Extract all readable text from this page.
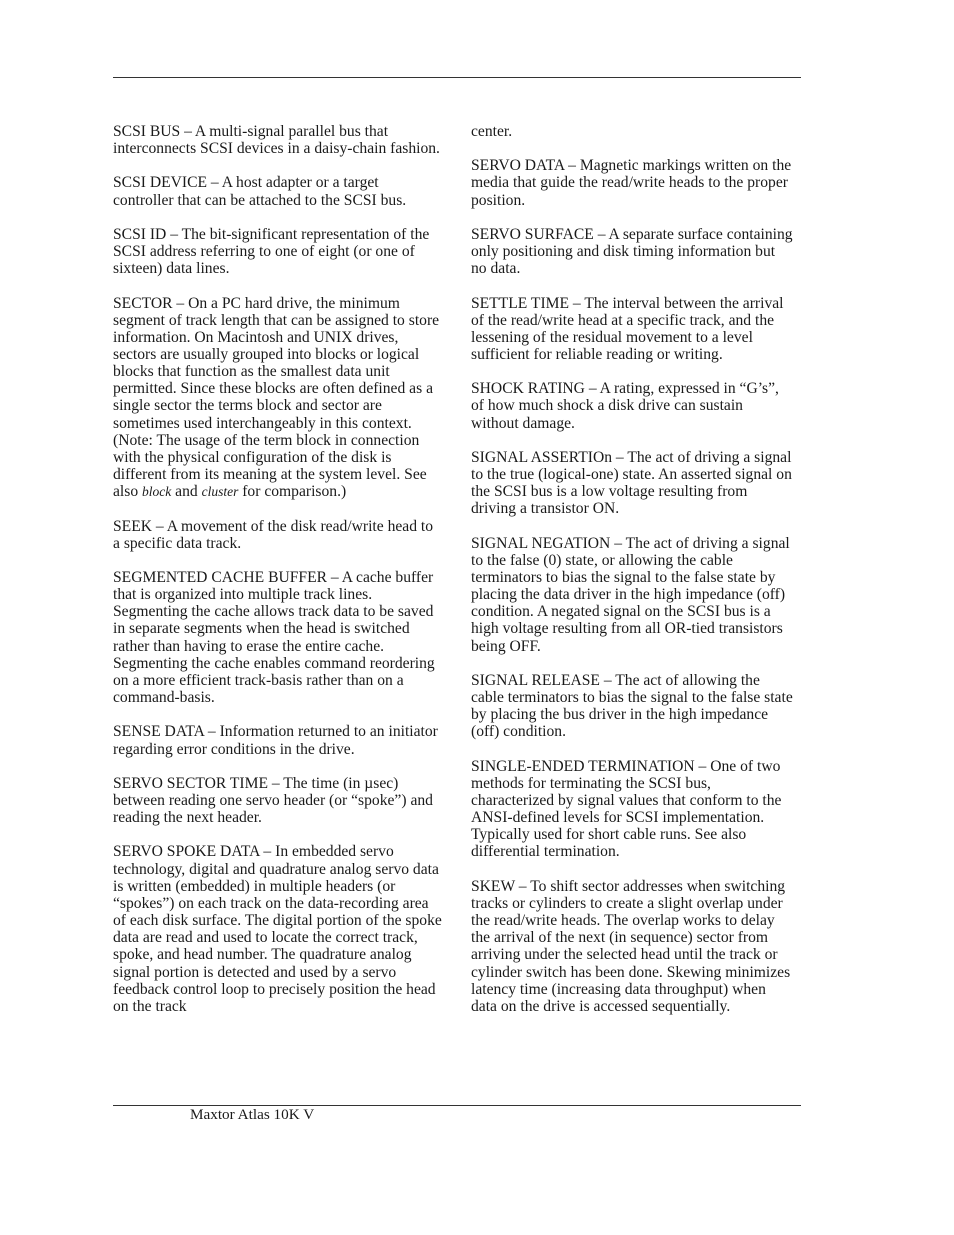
SCSI BUS – A multi-signal parallel bus that interconnects SCSI devices in a daisy-chain fashion.

SCSI DEVICE – A host adapter or a target controller that can be attached to the SCSI bus.

SCSI ID – The bit-significant representation of the SCSI address referring to one of eight (or one of sixteen) data lines.

SECTOR – On a PC hard drive, the minimum segment of track length that can be assigned to store information. On Macintosh and UNIX drives, sectors are usually grouped into blocks or logical blocks that function as the smallest data unit permitted. Since these blocks are often defined as a single sector the terms block and sector are sometimes used interchangeably in this context. (Note: The usage of the term block in connection with the physical configuration of the disk is different from its meaning at the system level. See also block and cluster for comparison.)

SEEK – A movement of the disk read/write head to a specific data track.

SEGMENTED CACHE BUFFER – A cache buffer that is organized into multiple track lines. Segmenting the cache allows track data to be saved in separate segments when the head is switched rather than having to erase the entire cache. Segmenting the cache enables command reordering on a more efficient track-basis rather than on a command-basis.

SENSE DATA – Information returned to an initiator regarding error conditions in the drive.

SERVO SECTOR TIME – The time (in µsec) between reading one servo header (or “spoke”) and reading the next header.

SERVO SPOKE DATA – In embedded servo technology, digital and quadrature analog servo data is written (embedded) in multiple headers (or “spokes”) on each track on the data-recording area of each disk surface. The digital portion of the spoke data are read and used to locate the correct track, spoke, and head number. The quadrature analog signal portion is detected and used by a servo feedback control loop to precisely position the head on the track

center.

SERVO DATA – Magnetic markings written on the media that guide the read/write heads to the proper position.

SERVO SURFACE – A separate surface containing only positioning and disk timing information but no data.

SETTLE TIME – The interval between the arrival of the read/write head at a specific track, and the lessening of the residual movement to a level sufficient for reliable reading or writing.

SHOCK RATING – A rating, expressed in “G’s”, of how much shock a disk drive can sustain without damage.

SIGNAL ASSERTIOn – The act of driving a signal to the true (logical-one) state. An asserted signal on the SCSI bus is a low voltage resulting from driving a transistor ON.

SIGNAL NEGATION – The act of driving a signal to the false (0) state, or allowing the cable terminators to bias the signal to the false state by placing the data driver in the high impedance (off) condition. A negated signal on the SCSI bus is a high voltage resulting from all OR-tied transistors being OFF.

SIGNAL RELEASE – The act of allowing the cable terminators to bias the signal to the false state by placing the bus driver in the high impedance (off) condition.

SINGLE-ENDED TERMINATION – One of two methods for terminating the SCSI bus, characterized by signal values that conform to the ANSI-defined levels for SCSI implementation. Typically used for short cable runs. See also differential termination.

SKEW – To shift sector addresses when switching tracks or cylinders to create a slight overlap under the read/write heads. The overlap works to delay the arrival of the next (in sequence) sector from arriving under the selected head until the track or cylinder switch has been done. Skewing minimizes latency time (increasing data throughput) when data on the drive is accessed sequentially.

Maxtor Atlas 10K V
